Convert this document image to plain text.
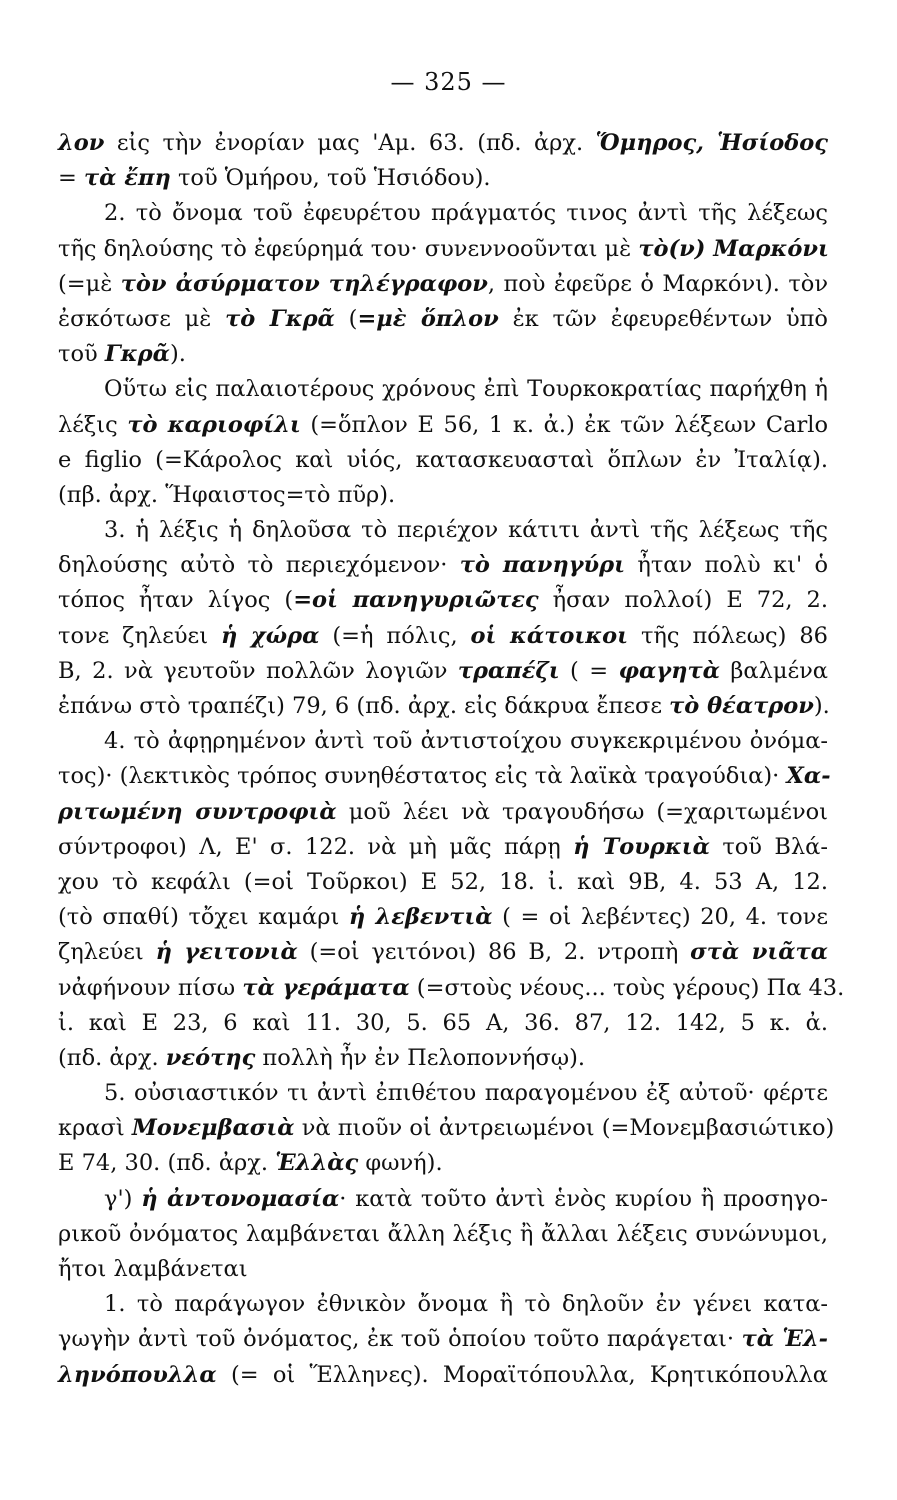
— 325 —
λον εἰς τὴν ἐνορίαν μας 'Αμ. 63. (πδ. ἀρχ. Ὅμηρος, Ἡσίοδος
= τὰ ἔπη τοῦ Ὁμήρου, τοῦ Ἡσιόδου).
2. τὸ ὄνομα τοῦ ἐφευρέτου πράγματός τινος ἀντὶ τῆς λέξεως
τῆς δηλούσης τὸ ἐφεύρημά του· συνεννοοῦνται μὲ τὸ(ν) Μαρκόνι
(=μὲ τὸν ἀσύρματον τηλέγραφον, ποὺ ἐφεῦρε ὁ Μαρκόνι). τὸν
ἐσκότωσε μὲ τὸ Γκρᾶ (=μὲ ὅπλον ἐκ τῶν ἐφευρεθέντων ὑπὸ
τοῦ Γκρᾶ).
Οὕτω εἰς παλαιοτέρους χρόνους ἐπὶ Τουρκοκρατίας παρήχθη ἡ
λέξις τὸ καριοφίλι (=ὅπλον Ε 56, 1 κ. ἀ.) ἐκ τῶν λέξεων Carlo
e figlio (=Κάρολος καὶ υἱός, κατασκευασταὶ ὅπλων ἐν Ἰταλίᾳ).
(πβ. ἀρχ. Ἥφαιστος=τὸ πῦρ).
3. ἡ λέξις ἡ δηλοῦσα τὸ περιέχον κάτιτι ἀντὶ τῆς λέξεως τῆς
δηλούσης αὐτὸ τὸ περιεχόμενον· τὸ πανηγύρι ἦταν πολὺ κι' ὁ
τόπος ἦταν λίγος (=οἱ πανηγυριῶτες ἦσαν πολλοί) Ε 72, 2.
τονε ζηλεύει ἡ χώρα (=ἡ πόλις, οἱ κάτοικοι τῆς πόλεως) 86
Β, 2. νὰ γευτοῦν πολλῶν λογιῶν τραπέζι ( = φαγητὰ βαλμένα
ἐπάνω στὸ τραπέζι) 79, 6 (πδ. ἀρχ. εἰς δάκρυα ἔπεσε τὸ θέατρον).
4. τὸ ἀφῃρημένον ἀντὶ τοῦ ἀντιστοίχου συγκεκριμένου ὀνόμα-
τος)· (λεκτικὸς τρόπος συνηθέστατος εἰς τὰ λαϊκὰ τραγούδια)· Χα-
ριτωμένη συντροφιὰ μοῦ λέει νὰ τραγουδήσω (=χαριτωμένοι
σύντροφοι) Λ, Ε' σ. 122. νὰ μὴ μᾶς πάρῃ ἡ Τουρκιὰ τοῦ Βλά-
χου τὸ κεφάλι (=οἱ Τοῦρκοι) Ε 52, 18. ἰ. καὶ 9Β, 4. 53 Α, 12.
(τὸ σπαθί) τὄχει καμάρι ἡ λεβεντιὰ ( = οἱ λεβέντες) 20, 4. τονε
ζηλεύει ἡ γειτονιὰ (=οἱ γειτόνοι) 86 Β, 2. ντροπὴ στὰ νιᾶτα
νἀφήνουν πίσω τὰ γεράματα (=στοὺς νέους... τοὺς γέρους) Πα 43.
ἰ. καὶ Ε 23, 6 καὶ 11. 30, 5. 65 Α, 36. 87, 12. 142, 5 κ. ἀ.
(πδ. ἀρχ. νεότης πολλὴ ἦν ἐν Πελοποννήσῳ).
5. οὐσιαστικόν τι ἀντὶ ἐπιθέτου παραγομένου ἐξ αὐτοῦ· φέρτε
κρασὶ Μονεμβασιὰ νὰ πιοῦν οἱ ἀντρειωμένοι (=Μονεμβασιώτικο)
Ε 74, 30. (πδ. ἀρχ. Ἑλλὰς φωνή).
γ') ἡ ἀντονομασία· κατὰ τοῦτο ἀντὶ ἑνὸς κυρίου ἢ προσηγο-
ρικοῦ ὀνόματος λαμβάνεται ἄλλη λέξις ἢ ἄλλαι λέξεις συνώνυμοι,
ἤτοι λαμβάνεται
1. τὸ παράγωγον ἐθνικὸν ὄνομα ἢ τὸ δηλοῦν ἐν γένει κατα-
γωγὴν ἀντὶ τοῦ ὀνόματος, ἐκ τοῦ ὁποίου τοῦτο παράγεται· τὰ Ἑλ-
ληνόπουλλα (= οἱ Ἕλληνες). Μοραϊτόπουλλα, Κρητικόπουλλα
